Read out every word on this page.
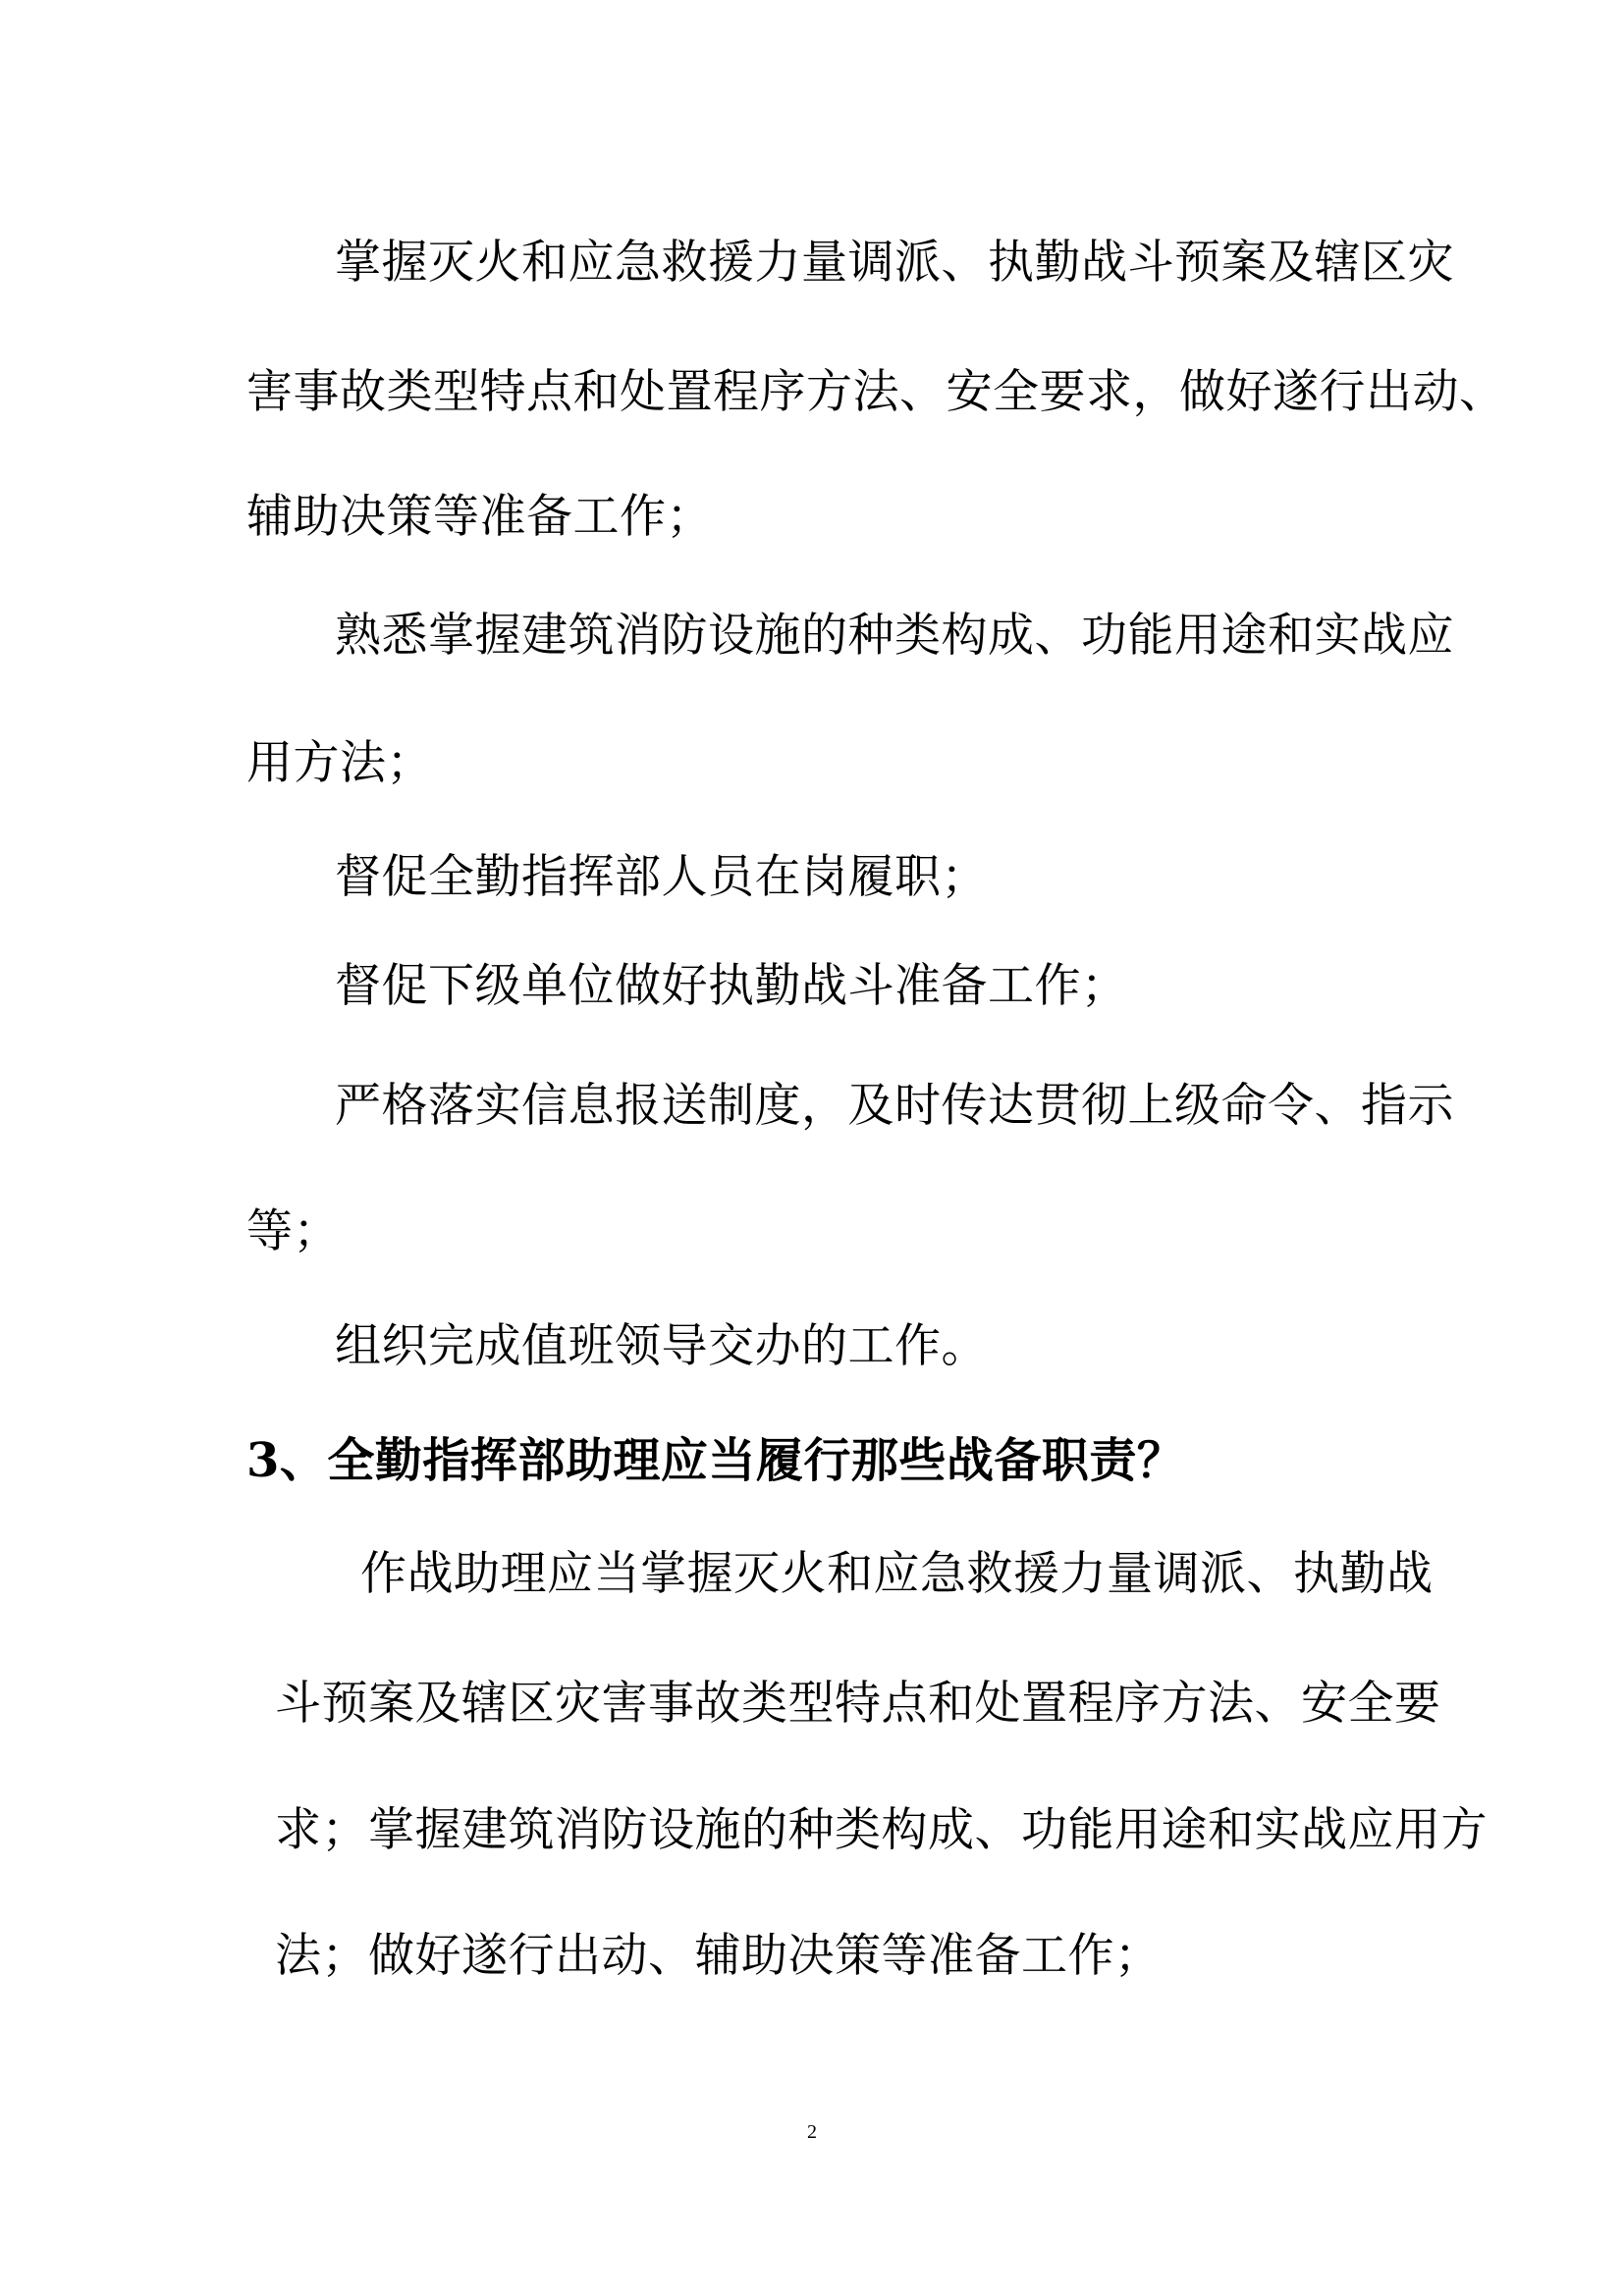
掌握灭火和应急救援力量调派、执勤战斗预案及辖区灾
害事故类型特点和处置程序方法、安全要求，做好遂行出动、
辅助决策等准备工作；
熟悉掌握建筑消防设施的种类构成、功能用途和实战应
用方法；
督促全勤指挥部人员在岗履职；
督促下级单位做好执勤战斗准备工作；
严格落实信息报送制度，及时传达贯彻上级命令、指示
等；
组织完成值班领导交办的工作。
3、全勤指挥部助理应当履行那些战备职责？
作战助理应当掌握灭火和应急救援力量调派、执勤战
斗预案及辖区灾害事故类型特点和处置程序方法、安全要
求；掌握建筑消防设施的种类构成、功能用途和实战应用方
法；做好遂行出动、辅助决策等准备工作；
2
